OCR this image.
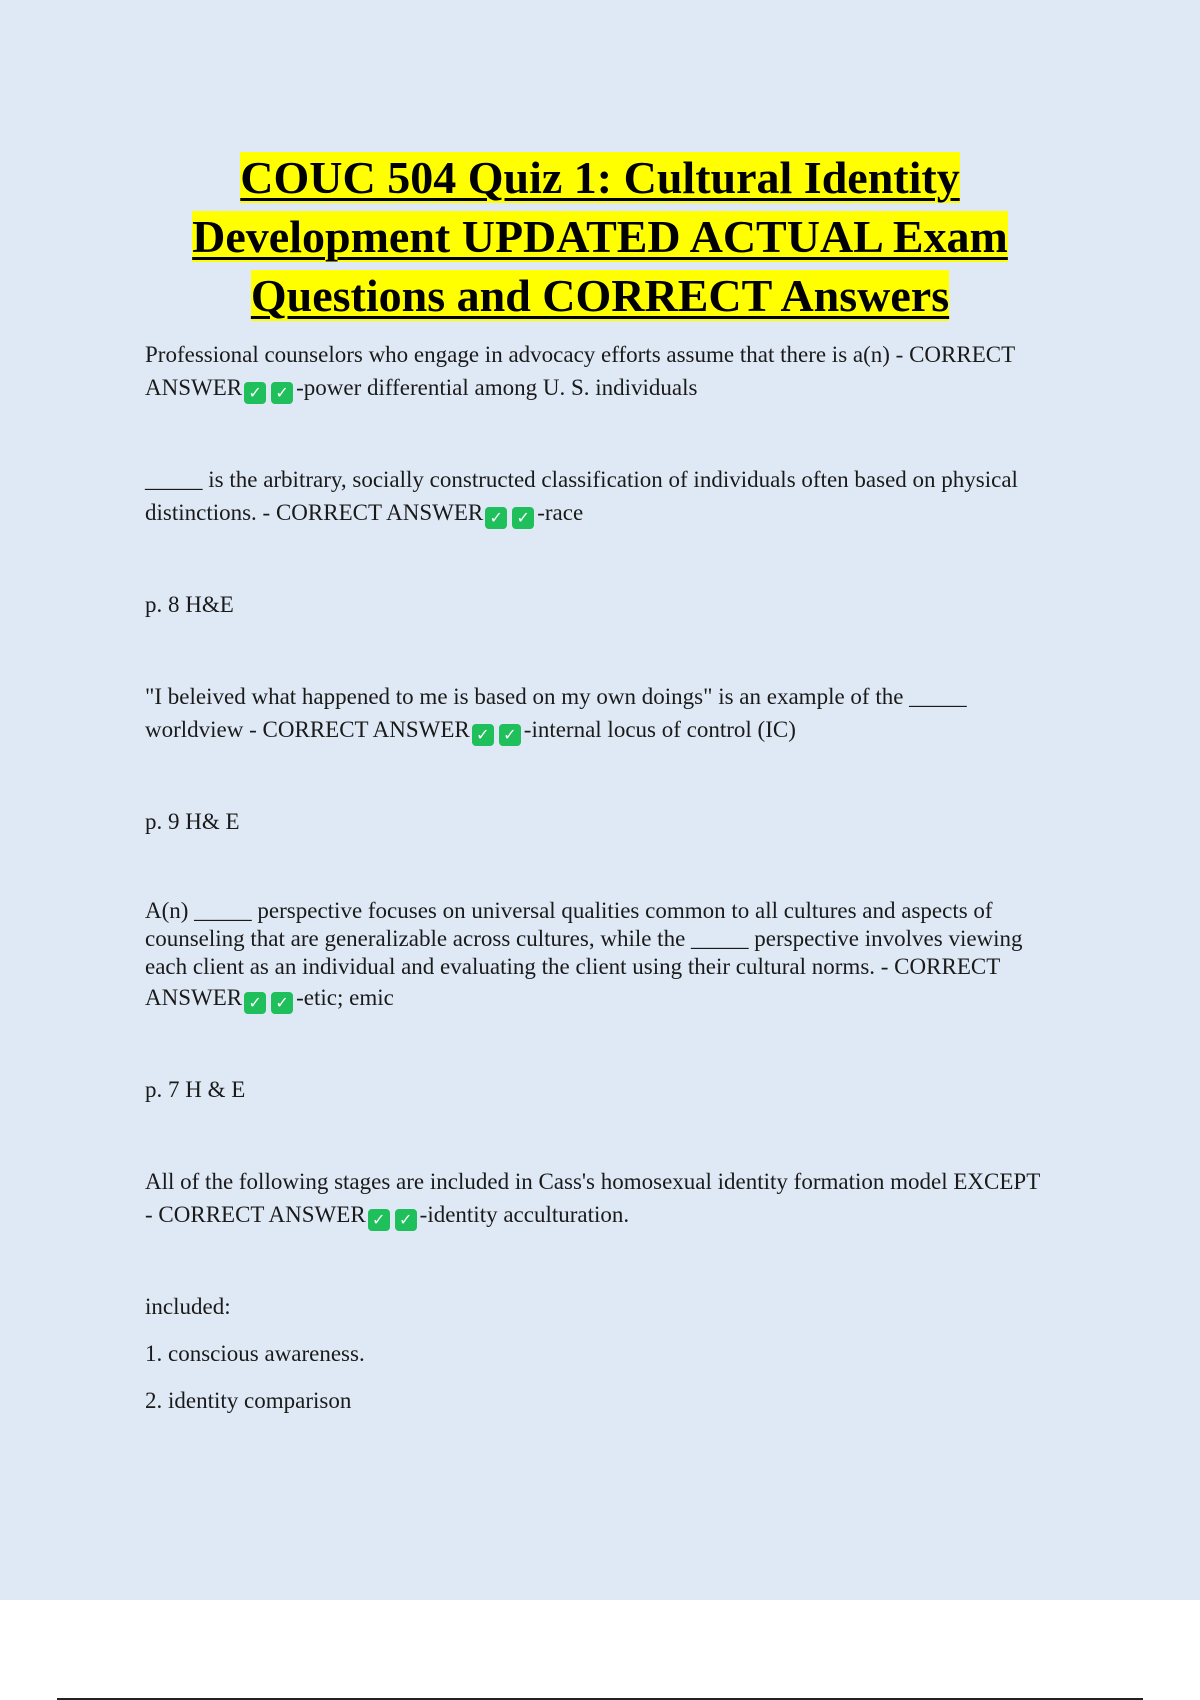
COUC 504 Quiz 1: Cultural Identity
Development UPDATED ACTUAL Exam
Questions and CORRECT Answers
Professional counselors who engage in advocacy efforts assume that there is a(n) - CORRECT
ANSWER ✓ ✓ -power differential among U. S. individuals
_____ is the arbitrary, socially constructed classification of individuals often based on physical
distinctions. - CORRECT ANSWER ✓ ✓ -race
p. 8 H&E
"I beleived what happened to me is based on my own doings" is an example of the _____
worldview - CORRECT ANSWER ✓ ✓ -internal locus of control (IC)
p. 9 H& E
A(n) _____ perspective focuses on universal qualities common to all cultures and aspects of
counseling that are generalizable across cultures, while the _____ perspective involves viewing
each client as an individual and evaluating the client using their cultural norms. - CORRECT
ANSWER ✓ ✓ -etic; emic
p. 7 H & E
All of the following stages are included in Cass's homosexual identity formation model EXCEPT
- CORRECT ANSWER ✓ ✓ -identity acculturation.
included:
1. conscious awareness.
2. identity comparison
